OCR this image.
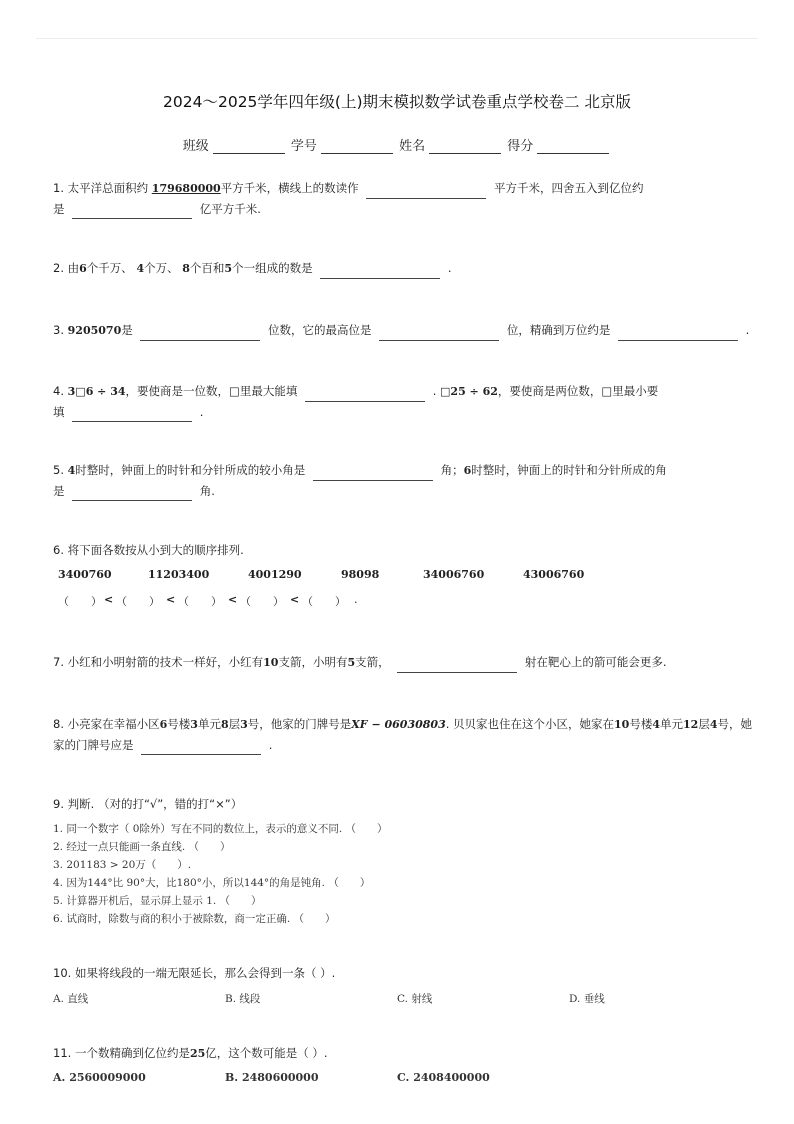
2024～2025学年四年级(上)期末模拟数学试卷重点学校卷二 北京版
班级	学号	姓名	得分
1. 太平洋总面积约 179680000平方千米，横线上的数读作	平方千米，四舍五入到亿位约
是	亿平方千米.
2. 由6个千万、 4个万、 8个百和5个一组成的数是	.
3. 9205070是	位数，它的最高位是	位，精确到万位约是	.
4. 3□6 ÷ 34，要使商是一位数，□里最大能填	. □25 ÷ 62，要使商是两位数，□里最小要
填	.
5. 4时整时，钟面上的时针和分针所成的较小角是	角；6时整时，钟面上的时针和分针所成的角
是	角.
6. 将下面各数按从小到大的顺序排列.
3400760	11203400	4001290	98098	34006760	43006760
（　　） < （　　） < （　　） < （　　） < （　　） .
7. 小红和小明射箭的技术一样好，小红有10支箭，小明有5支箭，	射在靶心上的箭可能会更多.
8. 小亮家在幸福小区6号楼3单元8层3号，他家的门牌号是XF − 06030803. 贝贝家也住在这个小区，她家在10号楼4单元12层4号，她家的门牌号应是	.
9. 判断. （对的打“√”，错的打“×”）
1. 同一个数字（ 0除外）写在不同的数位上，表示的意义不同. （　　）
2. 经过一点只能画一条直线. （　　）
3. 201183 > 20万（　　）.
4. 因为144°比 90°大，比180°小，所以144°的角是钝角. （　　）
5. 计算器开机后，显示屏上显示 1. （　　）
6. 试商时，除数与商的积小于被除数，商一定正确. （　　）
10. 如果将线段的一端无限延长，那么会得到一条（ ）.
A. 直线	B. 线段	C. 射线	D. 垂线
11. 一个数精确到亿位约是25亿，这个数可能是（ ）.
A. 2560009000	B. 2480600000	C. 2408400000
